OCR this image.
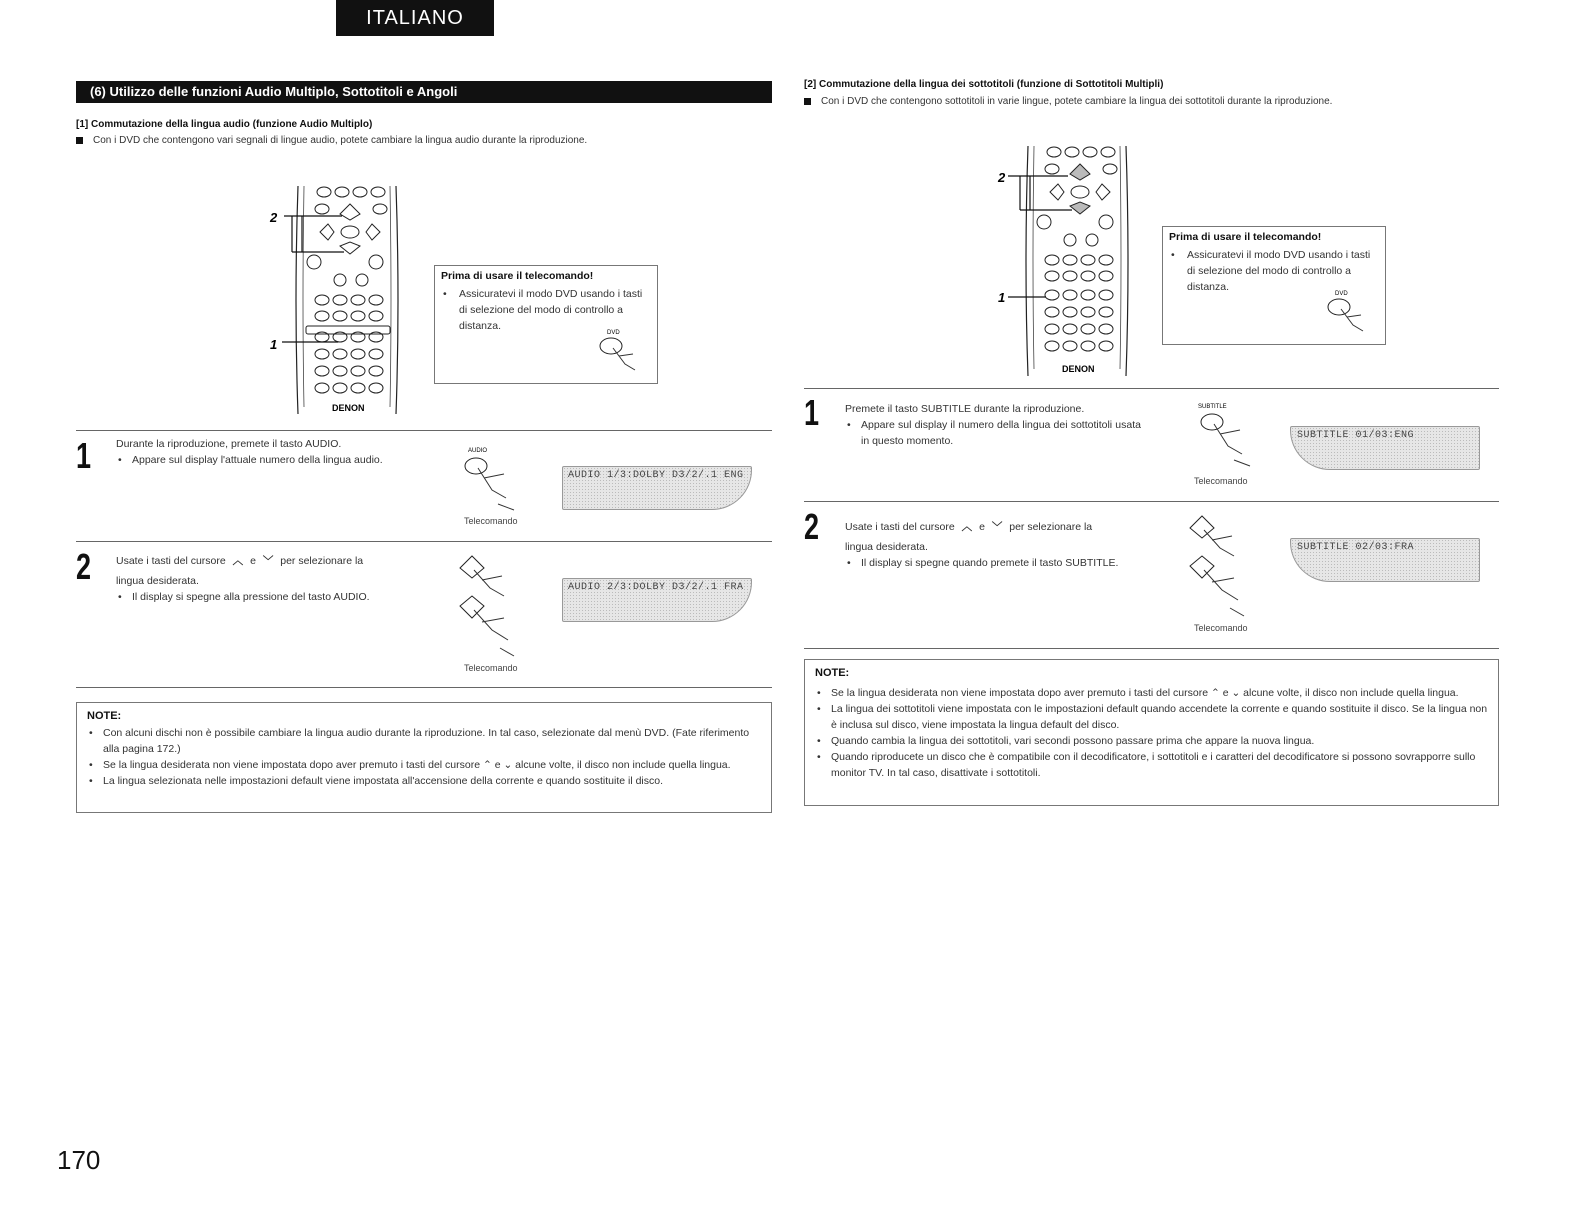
ITALIANO
(6) Utilizzo delle funzioni Audio Multiplo, Sottotitoli e Angoli
[1] Commutazione della lingua audio (funzione Audio Multiplo)
Con i DVD che contengono vari segnali di lingue audio, potete cambiare la lingua audio durante la riproduzione.
2
1
DENON
Prima di usare il telecomando!
•	Assicuratevi il modo DVD usando i tasti di selezione del modo di controllo a distanza.
DVD
1 Durante la riproduzione, premete il tasto AUDIO.
• Appare sul display l'attuale numero della lingua audio.
AUDIO
AUDIO 1/3:DOLBY D3/2/.1 ENG
Telecomando
2 Usate i tasti del cursore ︿ e ﹀ per selezionare la
lingua desiderata.
• Il display si spegne alla pressione del tasto AUDIO.
AUDIO 2/3:DOLBY D3/2/.1 FRA
Telecomando
NOTE:
• Con alcuni dischi non è possibile cambiare la lingua audio durante la riproduzione. In tal caso, selezionate dal menù DVD. (Fate riferimento alla pagina 172.)
• Se la lingua desiderata non viene impostata dopo aver premuto i tasti del cursore ⌃ e ⌄ alcune volte, il disco non include quella lingua.
• La lingua selezionata nelle impostazioni default viene impostata all'accensione della corrente e quando sostituite il disco.
[2] Commutazione della lingua dei sottotitoli (funzione di Sottotitoli Multipli)
Con i DVD che contengono sottotitoli in varie lingue, potete cambiare la lingua dei sottotitoli durante la riproduzione.
2
1
DENON
Prima di usare il telecomando!
•	Assicuratevi il modo DVD usando i tasti di selezione del modo di controllo a distanza.
DVD
1 Premete il tasto SUBTITLE durante la riproduzione.
• Appare sul display il numero della lingua dei sottotitoli usata in questo momento.
SUBTITLE
SUBTITLE 01/03:ENG
Telecomando
2 Usate i tasti del cursore ︿ e ﹀ per selezionare la
lingua desiderata.
• Il display si spegne quando premete il tasto SUBTITLE.
SUBTITLE 02/03:FRA
Telecomando
NOTE:
• Se la lingua desiderata non viene impostata dopo aver premuto i tasti del cursore ⌃ e ⌄ alcune volte, il disco non include quella lingua.
• La lingua dei sottotitoli viene impostata con le impostazioni default quando accendete la corrente e quando sostituite il disco. Se la lingua non è inclusa sul disco, viene impostata la lingua default del disco.
• Quando cambia la lingua dei sottotitoli, vari secondi possono passare prima che appare la nuova lingua.
• Quando riproducete un disco che è compatibile con il decodificatore, i sottotitoli e i caratteri del decodificatore si possono sovrapporre sullo monitor TV. In tal caso, disattivate i sottotitoli.
170
